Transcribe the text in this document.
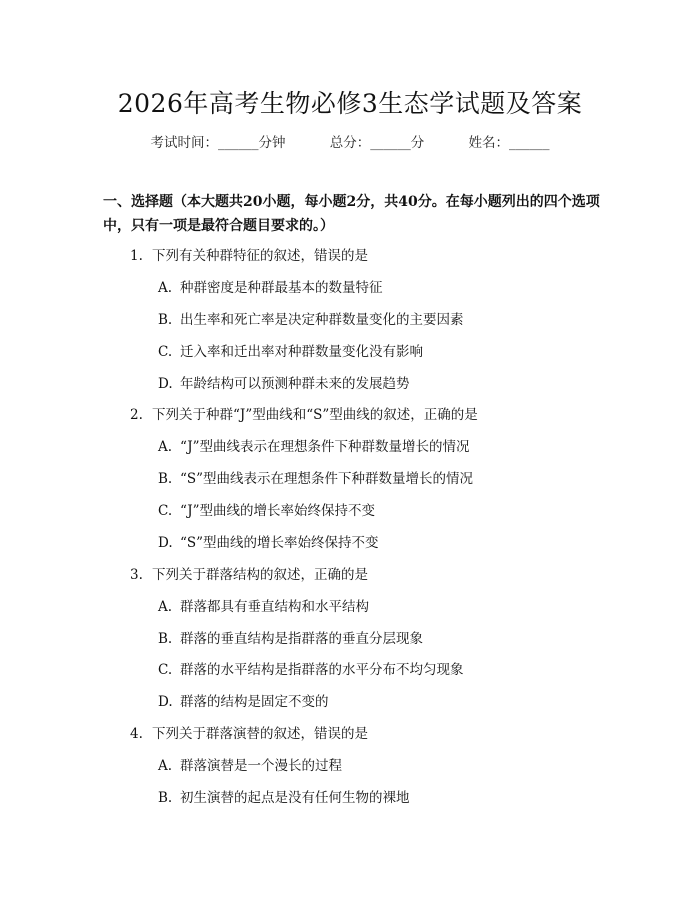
2026年高考生物必修3生态学试题及答案
考试时间：______分钟	总分：______分	姓名：______
一、选择题（本大题共20小题，每小题2分，共40分。在每小题列出的四个选项中，只有一项是最符合题目要求的。）
1. 下列有关种群特征的叙述，错误的是
A. 种群密度是种群最基本的数量特征
B. 出生率和死亡率是决定种群数量变化的主要因素
C. 迁入率和迁出率对种群数量变化没有影响
D. 年龄结构可以预测种群未来的发展趋势
2. 下列关于种群“J”型曲线和“S”型曲线的叙述，正确的是
A. “J”型曲线表示在理想条件下种群数量增长的情况
B. “S”型曲线表示在理想条件下种群数量增长的情况
C. “J”型曲线的增长率始终保持不变
D. “S”型曲线的增长率始终保持不变
3. 下列关于群落结构的叙述，正确的是
A. 群落都具有垂直结构和水平结构
B. 群落的垂直结构是指群落的垂直分层现象
C. 群落的水平结构是指群落的水平分布不均匀现象
D. 群落的结构是固定不变的
4. 下列关于群落演替的叙述，错误的是
A. 群落演替是一个漫长的过程
B. 初生演替的起点是没有任何生物的裸地
